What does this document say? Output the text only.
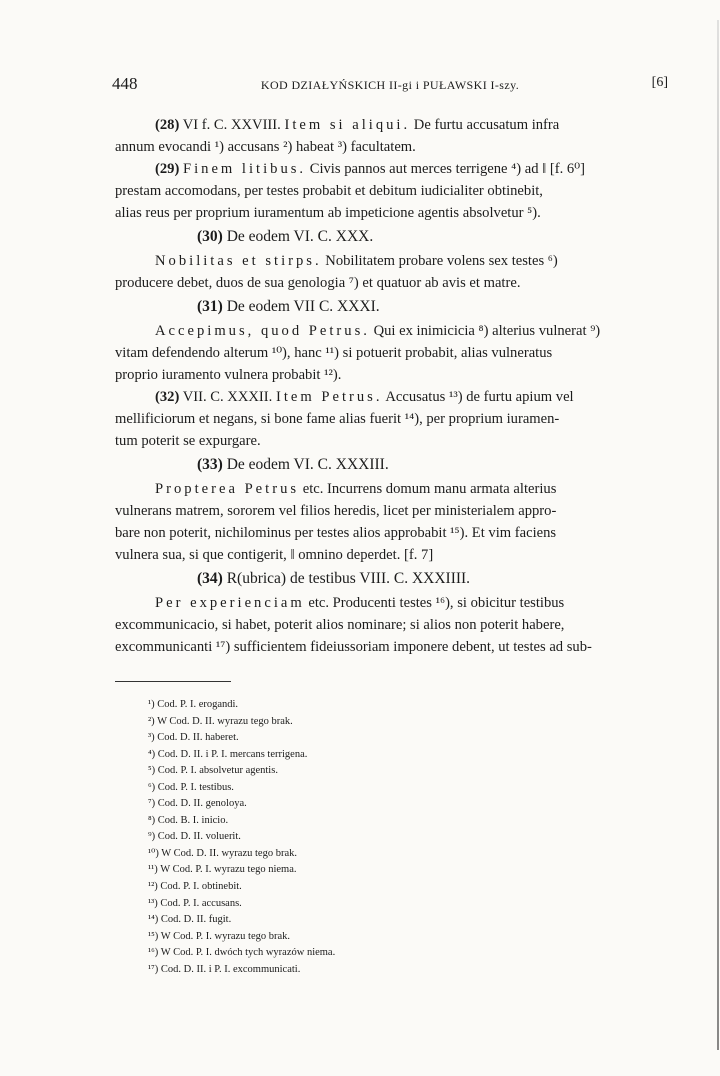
448	KOD DZIAŁYŃSKICH II-gi i PUŁAWSKI I-szy.	[6]

(28) VI f. C. XXVIII. Item si aliqui. De furtu accusatum infra
annum evocandi ¹) accusans ²) habeat ³) facultatem.

(29) Finem litibus. Civis pannos aut merces terrigene ⁴) ad ‖ [f. 6⁰]
prestam accomodans, per testes probabit et debitum iudicialiter obtinebit,
alias reus per proprium iuramentum ab impeticione agentis absolvetur ⁵).

(30) De eodem VI. C. XXX.

Nobilitas et stirps. Nobilitatem probare volens sex testes ⁶)
producere debet, duos de sua genologia ⁷) et quatuor ab avis et matre.

(31) De eodem VII C. XXXI.

Accepimus, quod Petrus. Qui ex inimicicia ⁸) alterius vulnerat ⁹)
vitam defendendo alterum ¹⁰), hanc ¹¹) si potuerit probabit, alias vulneratus
proprio iuramento vulnera probabit ¹²).

(32) VII. C. XXXII. Item Petrus. Accusatus ¹³) de furtu apium vel
mellificiorum et negans, si bone fame alias fuerit ¹⁴), per proprium iuramen-
tum poterit se expurgare.

(33) De eodem VI. C. XXXIII.

Propterea Petrus etc. Incurrens domum manu armata alterius
vulnerans matrem, sororem vel filios heredis, licet per ministerialem appro-
bare non poterit, nichilominus per testes alios approbabit ¹⁵). Et vim faciens
vulnera sua, si que contigerit, ‖ omnino deperdet. [f. 7]

(34) R(ubrica) de testibus VIII. C. XXXIIII.

Per experienciam etc. Producenti testes ¹⁶), si obicitur testibus
excommunicacio, si habet, poterit alios nominare; si alios non poterit habere,
excommunicanti ¹⁷) sufficientem fideiussoriam imponere debent, ut testes ad sub-

¹) Cod. P. I. erogandi.
²) W Cod. D. II. wyrazu tego brak.
³) Cod. D. II. haberet.
⁴) Cod. D. II. i P. I. mercans terrigena.
⁵) Cod. P. I. absolvetur agentis.
⁶) Cod. P. I. testibus.
⁷) Cod. D. II. genoloya.
⁸) Cod. B. I. inicio.
⁹) Cod. D. II. voluerit.
¹⁰) W Cod. D. II. wyrazu tego brak.
¹¹) W Cod. P. I. wyrazu tego niema.
¹²) Cod. P. I. obtinebit.
¹³) Cod. P. I. accusans.
¹⁴) Cod. D. II. fugit.
¹⁵) W Cod. P. I. wyrazu tego brak.
¹⁶) W Cod. P. I. dwóch tych wyrazów niema.
¹⁷) Cod. D. II. i P. I. excommunicati.
